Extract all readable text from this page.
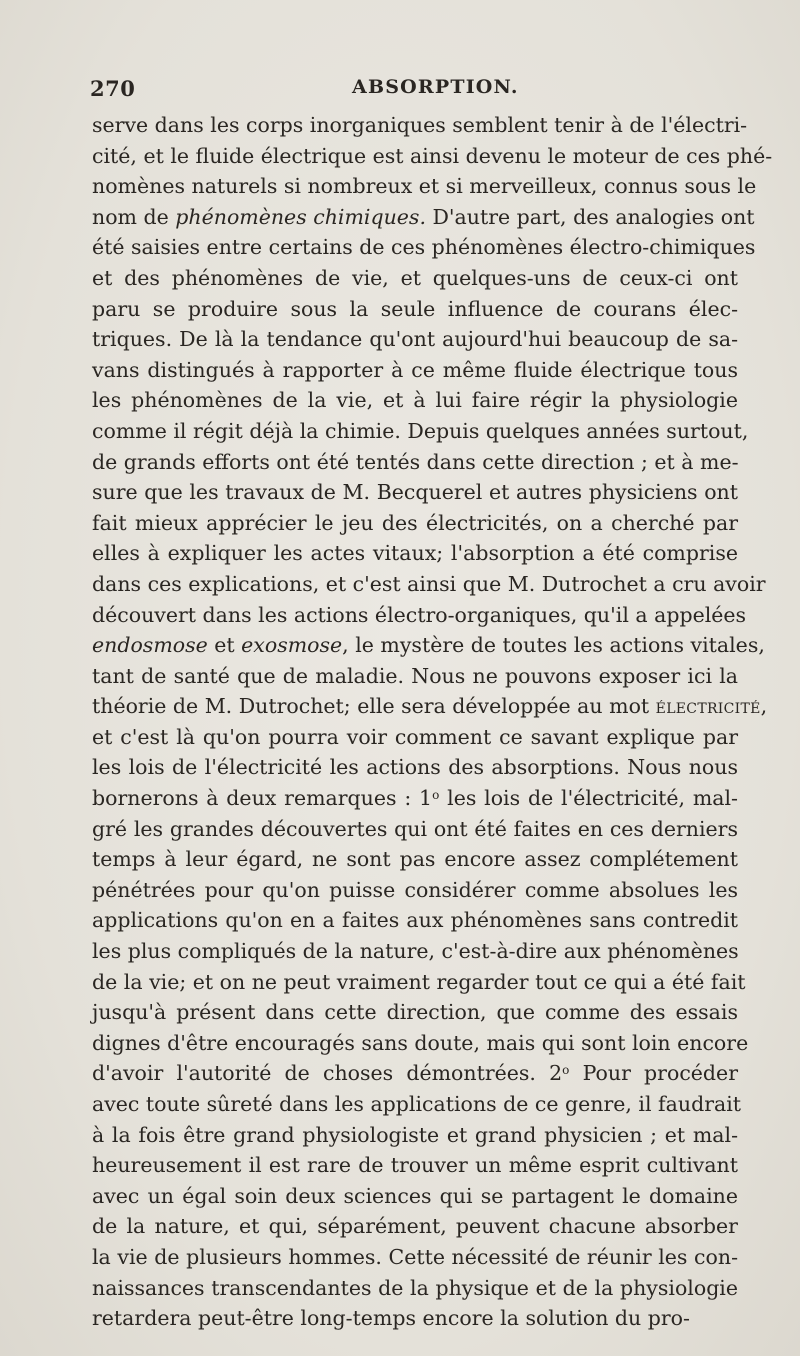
270	ABSORPTION.
serve dans les corps inorganiques semblent tenir à de l'électri-
cité, et le fluide électrique est ainsi devenu le moteur de ces phé-
nomènes naturels si nombreux et si merveilleux, connus sous le
nom de phénomènes chimiques. D'autre part, des analogies ont
été saisies entre certains de ces phénomènes électro-chimiques
et des phénomènes de vie, et quelques-uns de ceux-ci ont
paru se produire sous la seule influence de courans élec-
triques. De là la tendance qu'ont aujourd'hui beaucoup de sa-
vans distingués à rapporter à ce même fluide électrique tous
les phénomènes de la vie, et à lui faire régir la physiologie
comme il régit déjà la chimie. Depuis quelques années surtout,
de grands efforts ont été tentés dans cette direction ; et à me-
sure que les travaux de M. Becquerel et autres physiciens ont
fait mieux apprécier le jeu des électricités, on a cherché par
elles à expliquer les actes vitaux; l'absorption a été comprise
dans ces explications, et c'est ainsi que M. Dutrochet a cru avoir
découvert dans les actions électro-organiques, qu'il a appelées
endosmose et exosmose, le mystère de toutes les actions vitales,
tant de santé que de maladie. Nous ne pouvons exposer ici la
théorie de M. Dutrochet; elle sera développée au mot ÉLECTRICITÉ,
et c'est là qu'on pourra voir comment ce savant explique par
les lois de l'électricité les actions des absorptions. Nous nous
bornerons à deux remarques : 1$^o$ les lois de l'électricité, mal-
gré les grandes découvertes qui ont été faites en ces derniers
temps à leur égard, ne sont pas encore assez complétement
pénétrées pour qu'on puisse considérer comme absolues les
applications qu'on en a faites aux phénomènes sans contredit
les plus compliqués de la nature, c'est-à-dire aux phénomènes
de la vie; et on ne peut vraiment regarder tout ce qui a été fait
jusqu'à présent dans cette direction, que comme des essais
dignes d'être encouragés sans doute, mais qui sont loin encore
d'avoir l'autorité de choses démontrées. 2$^o$ Pour procéder
avec toute sûreté dans les applications de ce genre, il faudrait
à la fois être grand physiologiste et grand physicien ; et mal-
heureusement il est rare de trouver un même esprit cultivant
avec un égal soin deux sciences qui se partagent le domaine
de la nature, et qui, séparément, peuvent chacune absorber
la vie de plusieurs hommes. Cette nécessité de réunir les con-
naissances transcendantes de la physique et de la physiologie
retardera peut-être long-temps encore la solution du pro-
